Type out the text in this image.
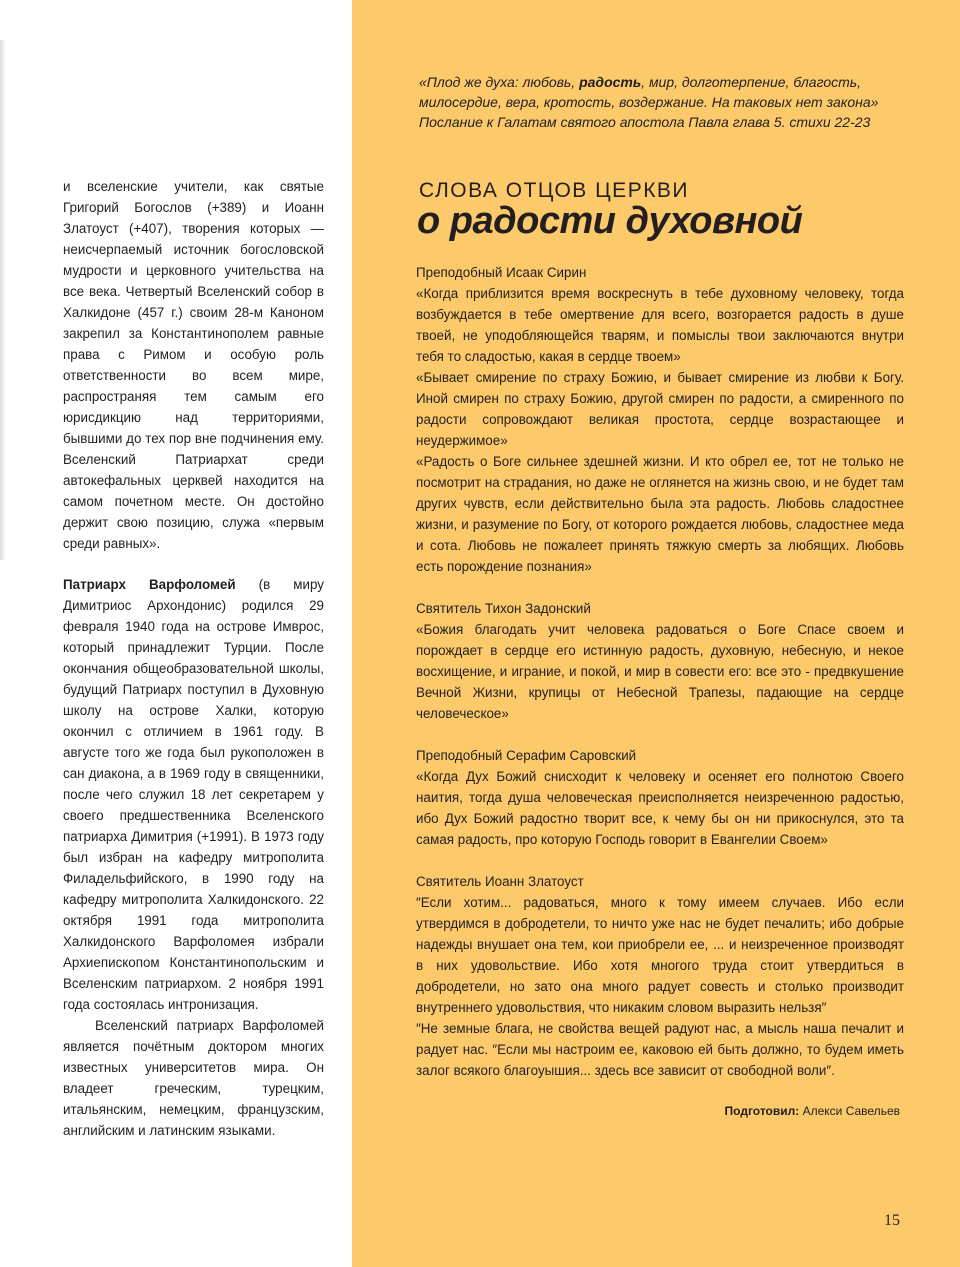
«Плод же духа: любовь, радость, мир, долготерпение, благость, милосердие, вера, кротость, воздержание. На таковых нет закона»
Послание к Галатам святого апостола Павла глава 5. стихи 22-23

и вселенские учители, как святые Григорий Богослов (+389) и Иоанн Златоуст (+407), творения которых — неисчерпаемый источник богословской мудрости и церковного учительства на все века. Четвертый Вселенский собор в Халкидоне (457 г.) своим 28-м Каноном закрепил за Константинополем равные права с Римом и особую роль ответственности во всем мире, распространяя тем самым его юрисдикцию над территориями, бывшими до тех пор вне подчинения ему. Вселенский Патриархат среди автокефальных церквей находится на самом почетном месте. Он достойно держит свою позицию, служа «первым среди равных».

Патриарх Варфоломей (в миру Димитриос Архондонис) родился 29 февраля 1940 года на острове Имврос, который принадлежит Турции. После окончания общеобразовательной школы, будущий Патриарх поступил в Духовную школу на острове Халки, которую окончил с отличием в 1961 году. В августе того же года был рукоположен в сан диакона, а в 1969 году в священники, после чего служил 18 лет секретарем у своего предшественника Вселенского патриарха Димитрия (+1991). В 1973 году был избран на кафедру митрополита Филадельфийского, в 1990 году на кафедру митрополита Халкидонского. 22 октября 1991 года митрополита Халкидонского Варфоломея избрали Архиепископом Константинопольским и Вселенским патриархом. 2 ноября 1991 года состоялась интронизация.

Вселенский патриарх Варфоломей является почётным доктором многих известных университетов мира. Он владеет греческим, турецким, итальянским, немецким, французским, английским и латинским языками.

СЛОВА ОТЦОВ ЦЕРКВИ
о радости духовной

Преподобный Исаак Сирин

«Когда приблизится время воскреснуть в тебе духовному человеку, тогда возбуждается в тебе омертвение для всего, возгорается радость в душе твоей, не уподобляющейся тварям, и помыслы твои заключаются внутри тебя то сладостью, какая в сердце твоем»

«Бывает смирение по страху Божию, и бывает смирение из любви к Богу. Иной смирен по страху Божию, другой смирен по радости, а смиренного по радости сопровождают великая простота, сердце возрастающее и неудержимое»

«Радость о Боге сильнее здешней жизни. И кто обрел ее, тот не только не посмотрит на страдания, но даже не оглянется на жизнь свою, и не будет там других чувств, если действительно была эта радость. Любовь сладостнее жизни, и разумение по Богу, от которого рождается любовь, сладостнее меда и сота. Любовь не пожалеет принять тяжкую смерть за любящих. Любовь есть порождение познания»

Святитель Тихон Задонский

«Божия благодать учит человека радоваться о Боге Спасе своем и порождает в сердце его истинную радость, духовную, небесную, и некое восхищение, и играние, и покой, и мир в совести его: все это - предвкушение Вечной Жизни, крупицы от Небесной Трапезы, падающие на сердце человеческое»

Преподобный Серафим Саровский

«Когда Дух Божий снисходит к человеку и осеняет его полнотою Своего наития, тогда душа человеческая преисполняется неизреченною радостью, ибо Дух Божий радостно творит все, к чему бы он ни прикоснулся, это та самая радость, про которую Господь говорит в Евангелии Своем»

Святитель Иоанн Златоуст

″Если хотим... радоваться, много к тому имеем случаев. Ибо если утвердимся в добродетели, то ничто уже нас не будет печалить; ибо добрые надежды внушает она тем, кои приобрели ее, ... и неизреченное производят в них удовольствие. Ибо хотя многого труда стоит утвердиться в добродетели, но зато она много радует совесть и столько производит внутреннего удовольствия, что никаким словом выразить нельзя″

″Не земные блага, не свойства вещей радуют нас, а мысль наша печалит и радует нас. ″Если мы настроим ее, каковою ей быть должно, то будем иметь залог всякого благоуышия... здесь все зависит от свободной воли″.

Подготовил: Алекси Савельев
15
